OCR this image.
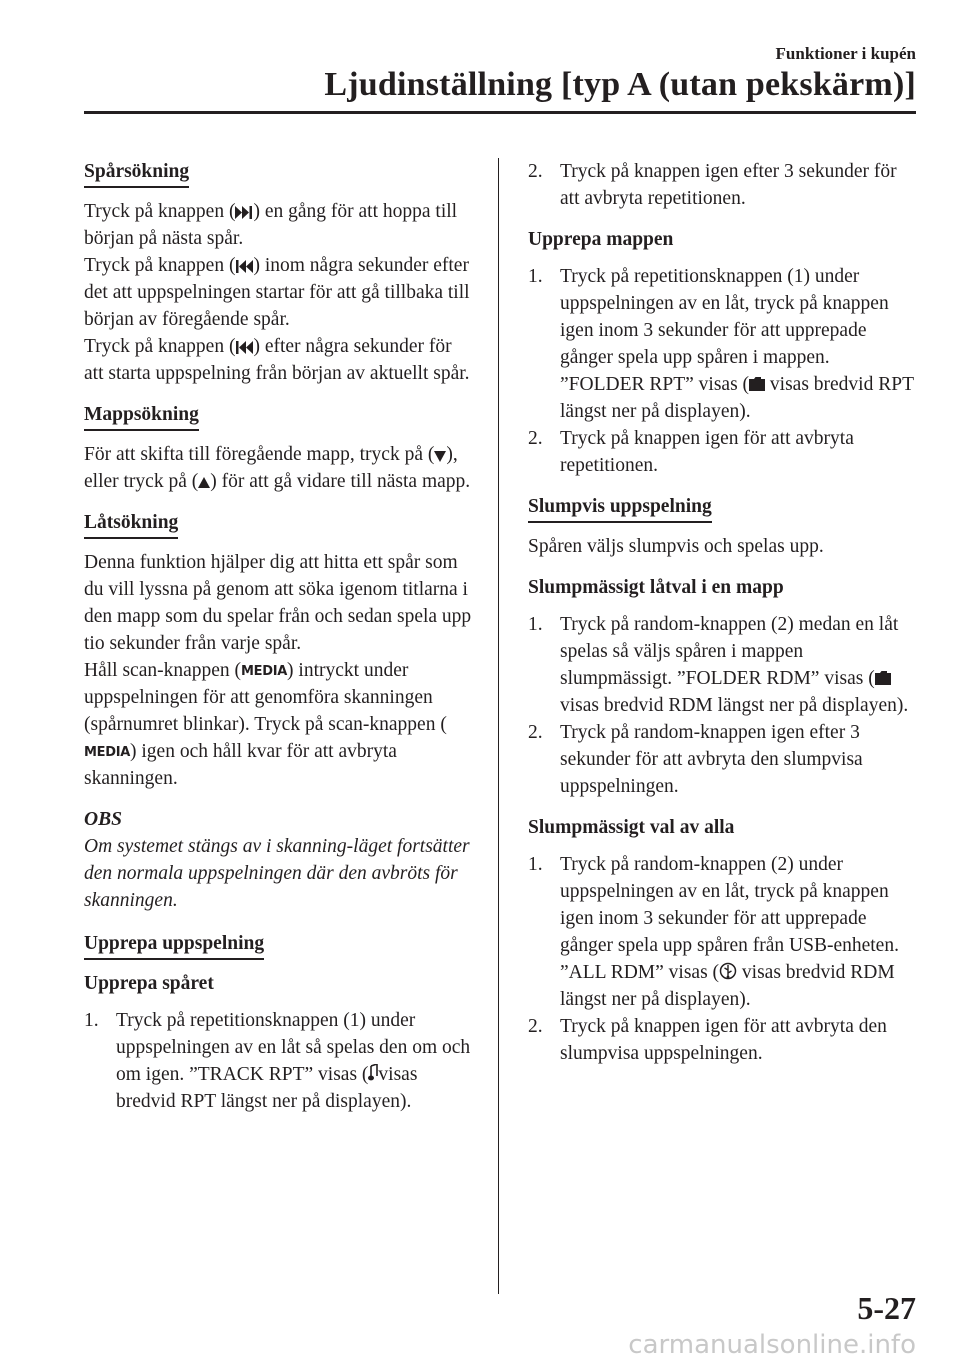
Funktioner i kupén
Ljudinställning [typ A (utan pekskärm)]
Spårsökning
Tryck på knappen ( ) en gång för att hoppa till början på nästa spår.
Tryck på knappen ( ) inom några sekunder efter det att uppspelningen startar för att gå tillbaka till början av föregående spår.
Tryck på knappen ( ) efter några sekunder för att starta uppspelning från början av aktuellt spår.
Mappsökning
För att skifta till föregående mapp, tryck på ( ), eller tryck på ( ) för att gå vidare till nästa mapp.
Låtsökning
Denna funktion hjälper dig att hitta ett spår som du vill lyssna på genom att söka igenom titlarna i den mapp som du spelar från och sedan spela upp tio sekunder från varje spår.
Håll scan-knappen (MEDIA) intryckt under uppspelningen för att genomföra skanningen (spårnumret blinkar). Tryck på scan-knappen (MEDIA) igen och håll kvar för att avbryta skanningen.
OBS
Om systemet stängs av i skanning-läget fortsätter den normala uppspelningen där den avbröts för skanningen.
Upprepa uppspelning
Upprepa spåret
1. Tryck på repetitionsknappen (1) under uppspelningen av en låt så spelas den om och om igen. ”TRACK RPT” visas ( visas bredvid RPT längst ner på displayen).
2. Tryck på knappen igen efter 3 sekunder för att avbryta repetitionen.
Upprepa mappen
1. Tryck på repetitionsknappen (1) under uppspelningen av en låt, tryck på knappen igen inom 3 sekunder för att upprepade gånger spela upp spåren i mappen. ”FOLDER RPT” visas ( visas bredvid RPT längst ner på displayen).
2. Tryck på knappen igen för att avbryta repetitionen.
Slumpvis uppspelning
Spåren väljs slumpvis och spelas upp.
Slumpmässigt låtval i en mapp
1. Tryck på random-knappen (2) medan en låt spelas så väljs spåren i mappen slumpmässigt. ”FOLDER RDM” visas ( visas bredvid RDM längst ner på displayen).
2. Tryck på random-knappen igen efter 3 sekunder för att avbryta den slumpvisa uppspelningen.
Slumpmässigt val av alla
1. Tryck på random-knappen (2) under uppspelningen av en låt, tryck på knappen igen inom 3 sekunder för att upprepade gånger spela upp spåren från USB-enheten. ”ALL RDM” visas ( visas bredvid RDM längst ner på displayen).
2. Tryck på knappen igen för att avbryta den slumpvisa uppspelningen.
5-27
carmanualsonline.info
